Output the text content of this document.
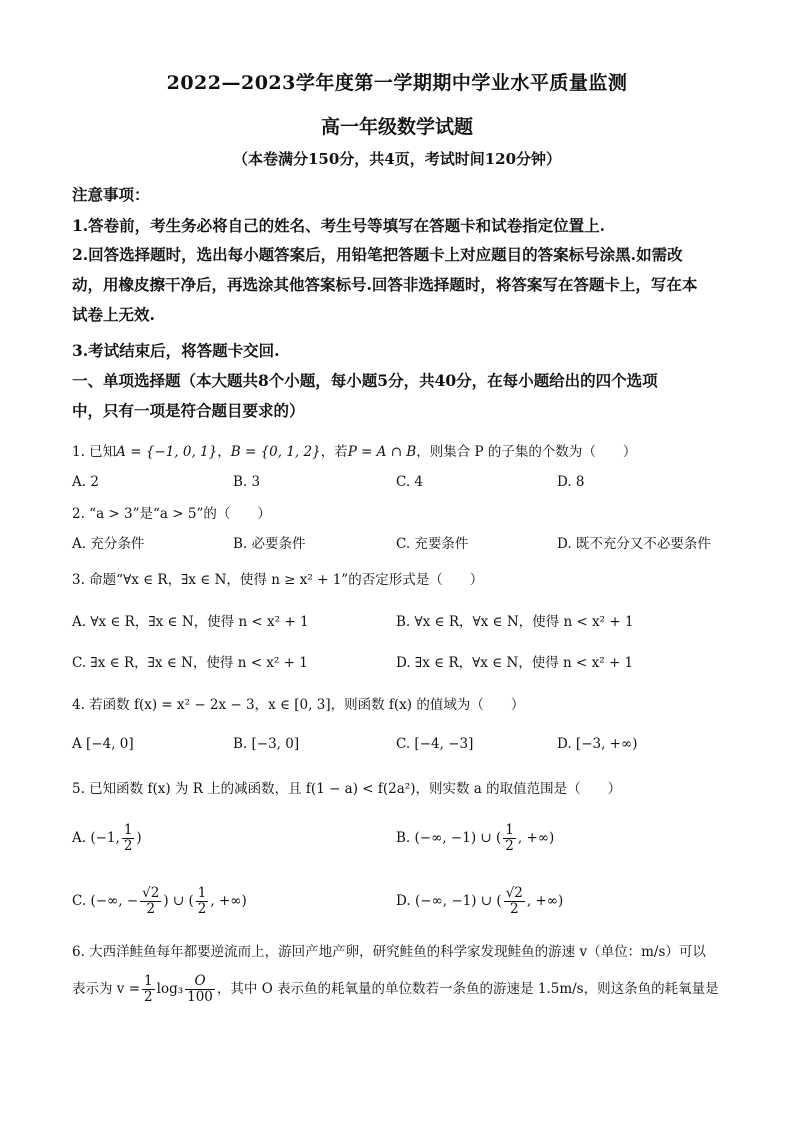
2022—2023学年度第一学期期中学业水平质量监测
高一年级数学试题
（本卷满分150分，共4页，考试时间120分钟）
注意事项：
1.答卷前，考生务必将自己的姓名、考生号等填写在答题卡和试卷指定位置上.
2.回答选择题时，选出每小题答案后，用铅笔把答题卡上对应题目的答案标号涂黑.如需改
动，用橡皮擦干净后，再选涂其他答案标号.回答非选择题时，将答案写在答题卡上，写在本
试卷上无效.
3.考试结束后，将答题卡交回.
一、单项选择题（本大题共8个小题，每小题5分，共40分，在每小题给出的四个选项
中，只有一项是符合题目要求的）
1. 已知A = {−1, 0, 1}，B = {0, 1, 2}，若P = A ∩ B，则集合 P 的子集的个数为（　　）
A. 2	B. 3	C. 4	D. 8
2. “a > 3”是“a > 5”的（　　）
A. 充分条件	B. 必要条件	C. 充要条件	D. 既不充分又不必要条件
3. 命题“∀x ∈ R，∃x ∈ N，使得 n ≥ x² + 1”的否定形式是（　　）
A. ∀x ∈ R，∃x ∈ N，使得 n < x² + 1	B. ∀x ∈ R，∀x ∈ N，使得 n < x² + 1
C. ∃x ∈ R，∃x ∈ N，使得 n < x² + 1	D. ∃x ∈ R，∀x ∈ N，使得 n < x² + 1
4. 若函数 f(x) = x² − 2x − 3，x ∈ [0, 3]，则函数 f(x) 的值域为（　　）
A [−4, 0]	B. [−3, 0]	C. [−4, −3]	D. [−3, +∞)
5. 已知函数 f(x) 为 R 上的减函数，且 f(1 − a) < f(2a²)，则实数 a 的取值范围是（　　）
A. (−1, $\frac{1}{2}$ )	B. (−∞, −1) ∪ ( $\frac{1}{2}$ , +∞)
C. (−∞, − $\frac{√2}{2}$ ) ∪ ( $\frac{1}{2}$ , +∞)	D. (−∞, −1) ∪ ( $\frac{√2}{2}$ , +∞)
6. 大西洋鲑鱼每年都要逆流而上，游回产地产卵，研究鲑鱼的科学家发现鲑鱼的游速 v（单位：m/s）可以
表示为 $v = \frac{1}{2} \log_3 \frac{O}{100}$ ，其中 O 表示鱼的耗氧量的单位数若一条鱼的游速是 1.5m/s，则这条鱼的耗氧量是
